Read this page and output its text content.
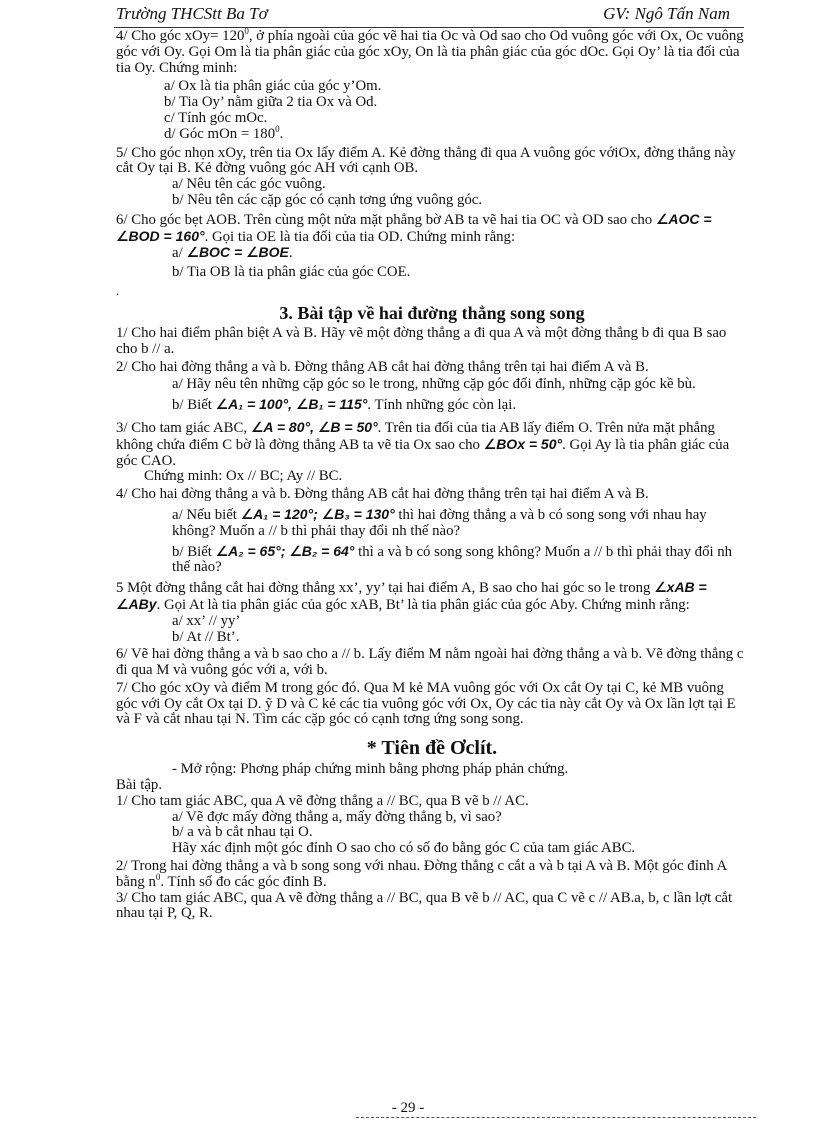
Trường THCStt Ba Tơ	GV: Ngô Tấn Nam
4/ Cho góc $xOy= 120^0$, ở phía ngoài của góc vẽ hai tia Oc và Od sao cho Od vuông góc với Ox, Oc vuông góc với Oy. Gọi Om là tia phân giác của góc xOy, On là tia phân giác của góc dOc. Gọi Oy’ là tia đối của tia Oy. Chứng minh:
a/ Ox là tia phân giác của góc y’Om.
b/ Tia Oy’ nằm giữa 2 tia Ox và Od.
c/ Tính góc mOc.
d/ Góc mOn = $180^0$.
5/ Cho góc nhọn xOy, trên tia Ox lấy điểm A. Kẻ đờng thẳng đi qua A vuông góc vớiOx, đờng thẳng này cắt Oy tại B. Kẻ đờng vuông góc AH với cạnh OB.
a/ Nêu tên các góc vuông.
b/ Nêu tên các cặp góc có cạnh tơng ứng vuông góc.
6/ Cho góc bẹt AOB. Trên cùng một nửa mặt phẳng bờ AB ta vẽ hai tia OC và OD sao cho ∠AOC = ∠BOD = 160°. Gọi tia OE là tia đối của tia OD. Chứng minh rằng:
a/ ∠BOC = ∠BOE.
b/ Tia OB là tia phân giác của góc COE.
.
3. Bài tập về hai đường thẳng song song
1/ Cho hai điểm phân biệt A và B. Hãy vẽ một đờng thẳng a đi qua A và một đờng thẳng b đi qua B sao cho b // a.
2/ Cho hai đờng thẳng a và b. Đờng thẳng AB cắt hai đờng thẳng trên tại hai điểm A và B.
a/ Hãy nêu tên những cặp góc so le trong, những cặp góc đối đỉnh, những cặp góc kề bù.
b/ Biết ∠A₁ = 100°, ∠B₁ = 115°. Tính những góc còn lại.
3/ Cho tam giác ABC, ∠A = 80°, ∠B = 50°. Trên tia đối của tia AB lấy điểm O. Trên nửa mặt phẳng không chứa điểm C bờ là đờng thẳng AB ta vẽ tia Ox sao cho ∠BOx = 50°. Gọi Ay là tia phân giác của góc CAO.
Chứng minh: Ox // BC; Ay // BC.
4/ Cho hai đờng thẳng a và b. Đờng thẳng AB cắt hai đờng thẳng trên tại hai điểm A và B.
a/ Nếu biết ∠A₁ = 120°; ∠B₃ = 130° thì hai đờng thẳng a và b có song song với nhau hay không? Muốn a // b thì phải thay đổi nh thế nào?
b/ Biết ∠A₂ = 65°; ∠B₂ = 64° thì a và b có song song không? Muốn a // b thì phải thay đổi nh thế nào?
5 Một đờng thẳng cắt hai đờng thẳng xx’, yy’ tại hai điểm A, B sao cho hai góc so le trong ∠xAB = ∠ABy. Gọi At là tia phân giác của góc xAB, Bt’ là tia phân giác của góc Aby. Chứng minh rằng:
a/ xx’ // yy’
b/ At // Bt’.
6/ Vẽ hai đờng thẳng a và b sao cho a // b. Lấy điểm M nằm ngoài hai đờng thẳng a và b. Vẽ đờng thẳng c đi qua M và vuông góc với a, với b.
7/ Cho góc xOy và điểm M trong góc đó. Qua M kẻ MA vuông góc với Ox cắt Oy tại C, kẻ MB vuông góc với Oy cắt Ox tại D. ỹ D và C kẻ các tia vuông góc với Ox, Oy các tia này cắt Oy và Ox lần lợt tại E và F và cắt nhau tại N. Tìm các cặp góc có cạnh tơng ứng song song.
* Tiên đề Ơclít.
- Mở rộng: Phơng pháp chứng minh bằng phơng pháp phản chứng.
Bài tập.
1/ Cho tam giác ABC, qua A vẽ đờng thẳng a // BC, qua B vẽ b // AC.
a/ Vẽ đợc mấy đờng thẳng a, mấy đờng thẳng b, vì sao?
b/ a và b cắt nhau tại O.
Hãy xác định một góc đỉnh O sao cho có số đo bằng góc C của tam giác ABC.
2/ Trong hai đờng thẳng a và b song song với nhau. Đờng thẳng c cắt a và b tại A và B. Một góc đỉnh A bằng $n^0$. Tính số đo các góc đỉnh B.
3/ Cho tam giác ABC, qua A vẽ đờng thẳng a // BC, qua B vẽ b // AC, qua C vẽ c // AB.a, b, c lần lợt cắt nhau tại P, Q, R.
- 29 -
